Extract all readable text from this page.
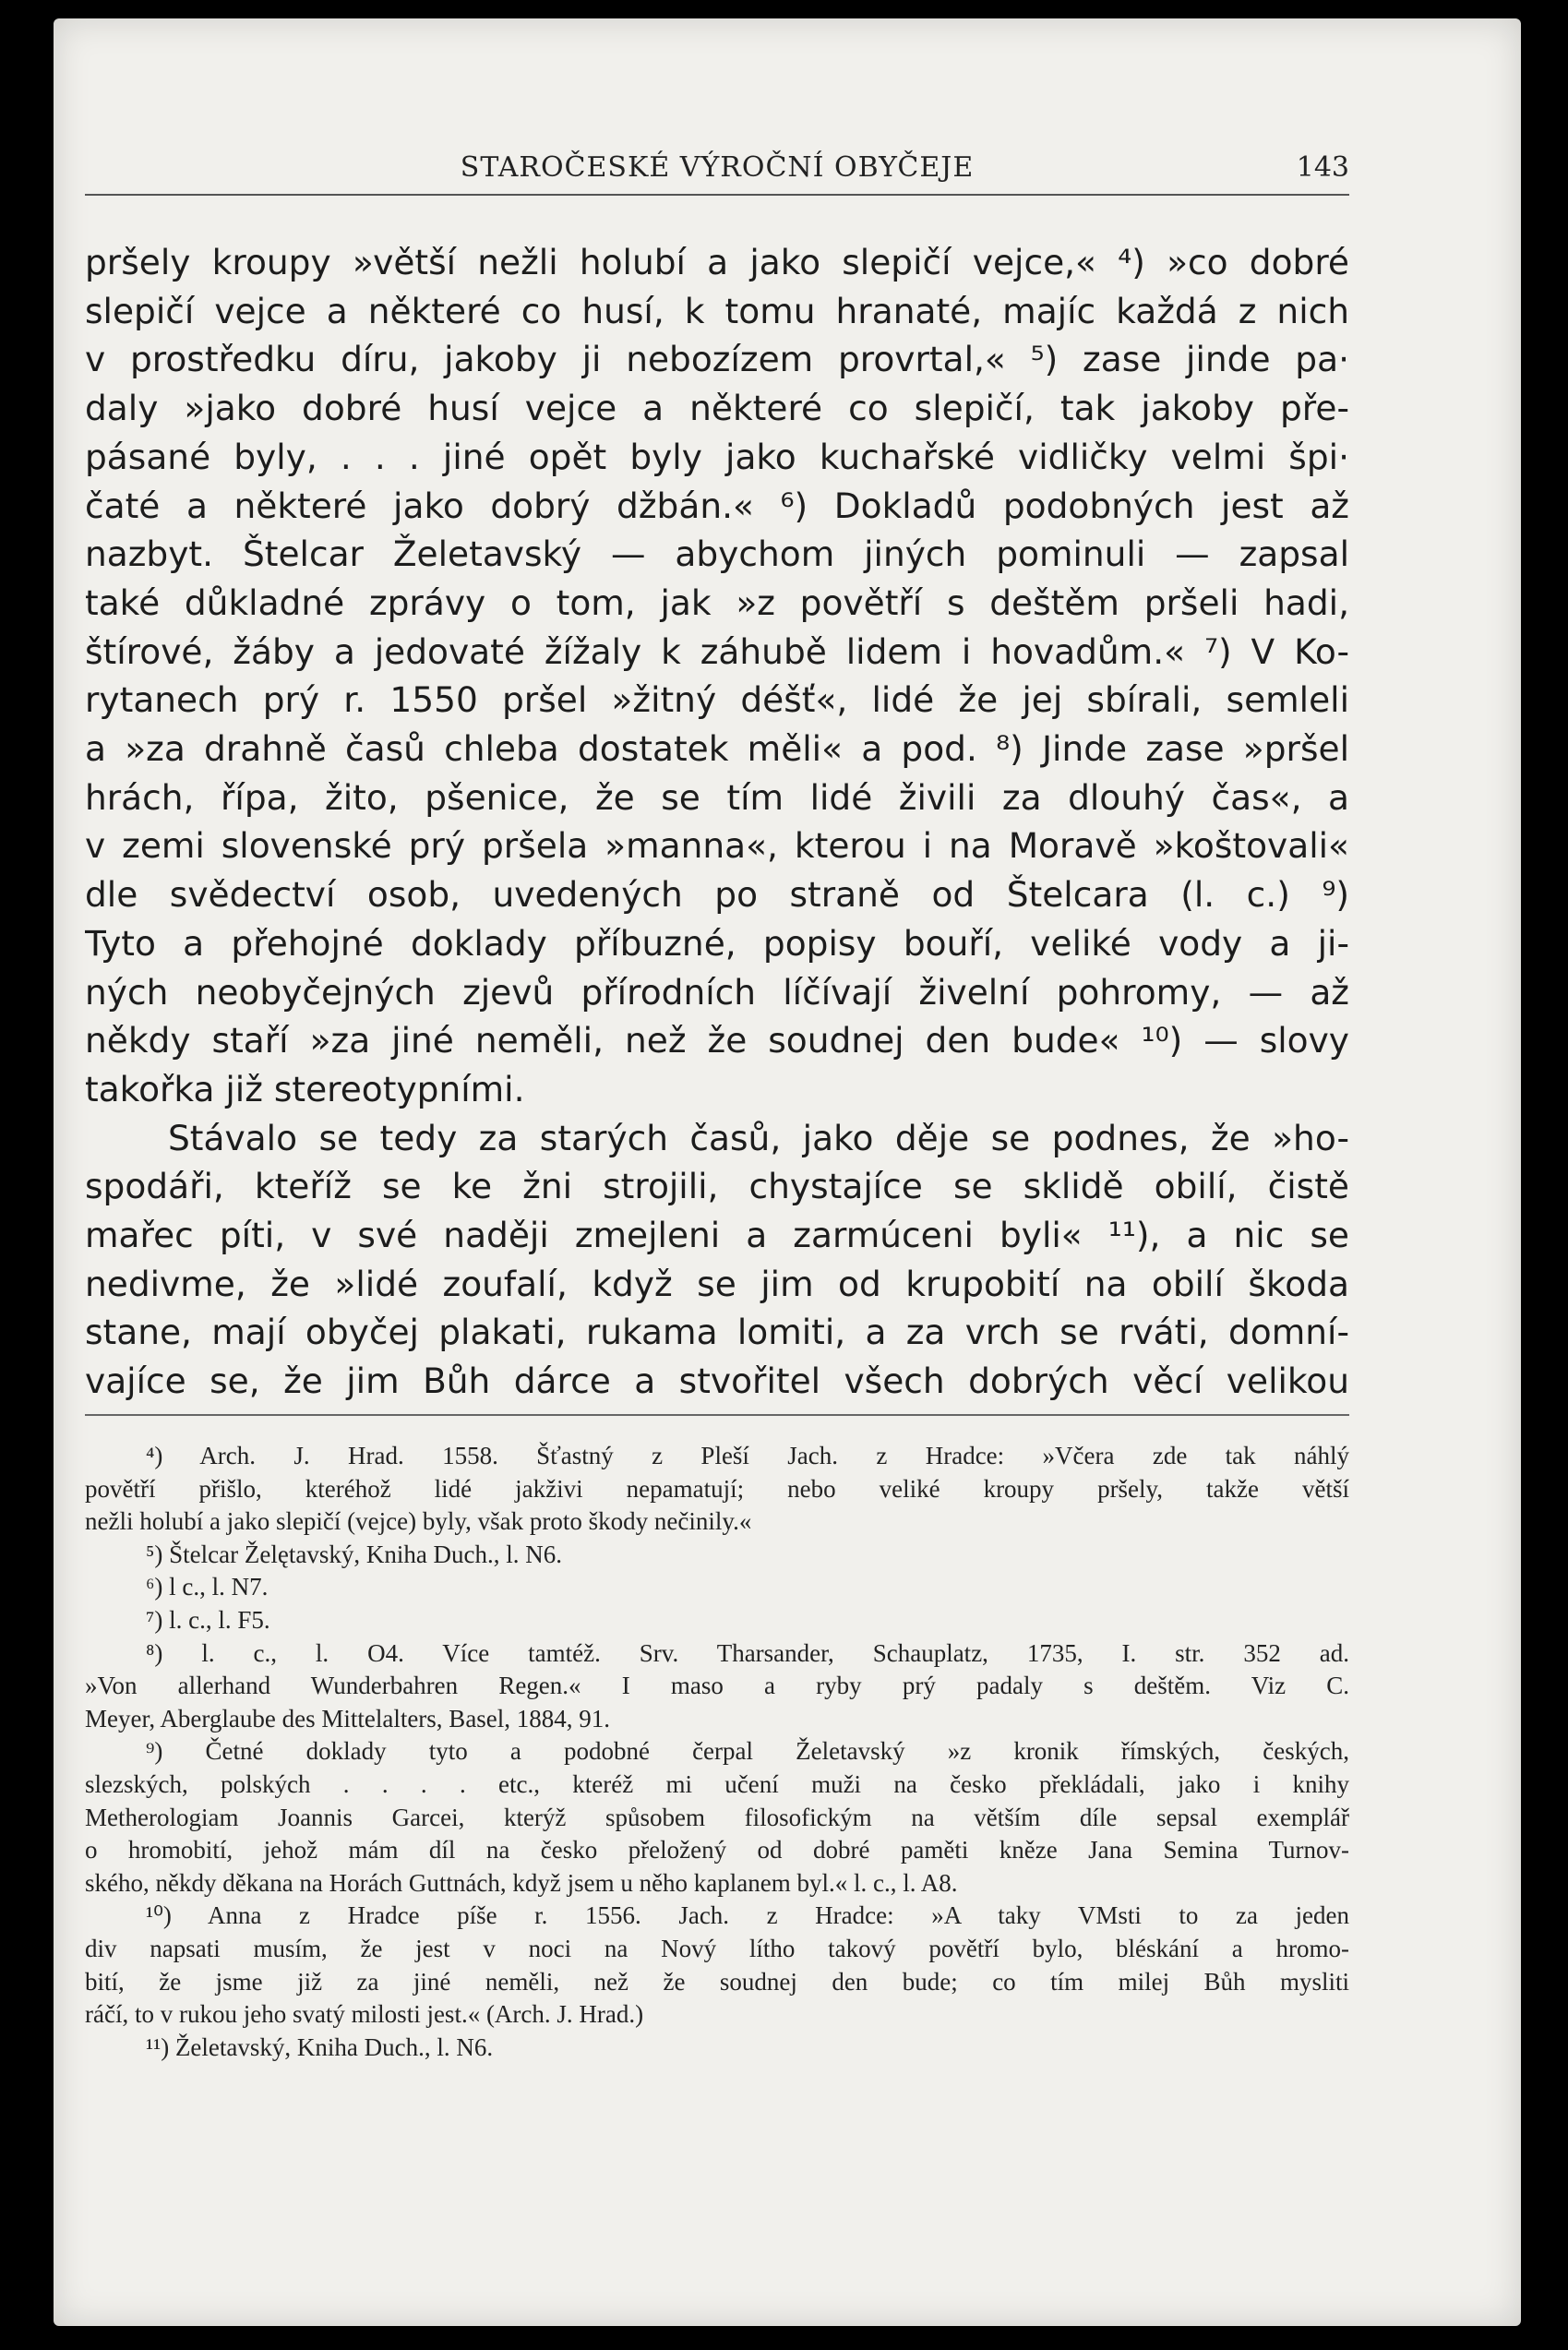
STAROČESKÉ VÝROČNÍ OBYČEJE	143
pršely kroupy »větší nežli holubí a jako slepičí vejce,« ⁴) »co dobré
slepičí vejce a některé co husí, k tomu hranaté, majíc každá z nich
v prostředku díru, jakoby ji nebozízem provrtal,« ⁵) zase jinde pa·
daly »jako dobré husí vejce a některé co slepičí, tak jakoby pře-
pásané byly, . . . jiné opět byly jako kuchařské vidličky velmi špi·
čaté a některé jako dobrý džbán.« ⁶) Dokladů podobných jest až
nazbyt. Štelcar Želetavský — abychom jiných pominuli — zapsal
také důkladné zprávy o tom, jak »z povětří s deštěm pršeli hadi,
štírové, žáby a jedovaté žížaly k záhubě lidem i hovadům.« ⁷) V Ko-
rytanech prý r. 1550 pršel »žitný déšť«, lidé že jej sbírali, semleli
a »za drahně časů chleba dostatek měli« a pod. ⁸) Jinde zase »pršel
hrách, řípa, žito, pšenice, že se tím lidé živili za dlouhý čas«, a
v zemi slovenské prý pršela »manna«, kterou i na Moravě »koštovali«
dle svědectví osob, uvedených po straně od Štelcara (l. c.) ⁹)
Tyto a přehojné doklady příbuzné, popisy bouří, veliké vody a ji-
ných neobyčejných zjevů přírodních líčívají živelní pohromy, — až
někdy staří »za jiné neměli, než že soudnej den bude« ¹⁰) — slovy
takořka již stereotypními.
Stávalo se tedy za starých časů, jako děje se podnes, že »ho-
spodáři, kteříž se ke žni strojili, chystajíce se sklidě obilí, čistě
mařec píti, v své naději zmejleni a zarmúceni byli« ¹¹), a nic se
nedivme, že »lidé zoufalí, když se jim od krupobití na obilí škoda
stane, mají obyčej plakati, rukama lomiti, a za vrch se rváti, domní-
vajíce se, že jim Bůh dárce a stvořitel všech dobrých věcí velikou
⁴) Arch. J. Hrad. 1558. Šťastný z Pleší Jach. z Hradce: »Včera zde tak náhlý
povětří přišlo, kteréhož lidé jakživi nepamatují; nebo veliké kroupy pršely, takže větší
nežli holubí a jako slepičí (vejce) byly, však proto škody nečinily.«
⁵) Štelcar Želętavský, Kniha Duch., l. N6.
⁶) l c., l. N7.
⁷) l. c., l. F5.
⁸) l. c., l. O4. Více tamtéž. Srv. Tharsander, Schauplatz, 1735, I. str. 352 ad.
»Von allerhand Wunderbahren Regen.« I maso a ryby prý padaly s deštěm. Viz C.
Meyer, Aberglaube des Mittelalters, Basel, 1884, 91.
⁹) Četné doklady tyto a podobné čerpal Želetavský »z kronik římských, českých,
slezských, polských . . . . etc., kteréž mi učení muži na česko překládali, jako i knihy
Metherologiam Joannis Garcei, kterýž spůsobem filosofickým na větším díle sepsal exemplář
o hromobití, jehož mám díl na česko přeložený od dobré paměti kněze Jana Semina Turnov-
ského, někdy děkana na Horách Guttnách, když jsem u něho kaplanem byl.« l. c., l. A8.
¹⁰) Anna z Hradce píše r. 1556. Jach. z Hradce: »A taky VMsti to za jeden
div napsati musím, že jest v noci na Nový lítho takový povětří bylo, bléskání a hromo-
bití, že jsme již za jiné neměli, než že soudnej den bude; co tím milej Bůh mysliti
ráčí, to v rukou jeho svatý milosti jest.« (Arch. J. Hrad.)
¹¹) Želetavský, Kniha Duch., l. N6.
